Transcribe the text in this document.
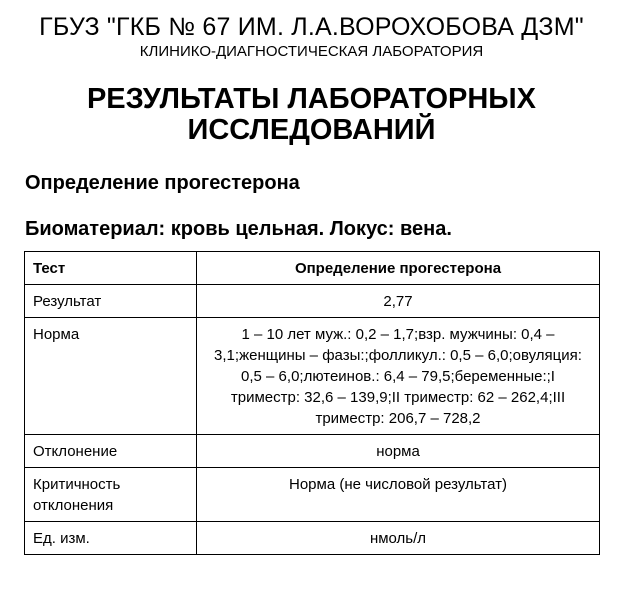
ГБУЗ "ГКБ № 67 ИМ. Л.А.ВОРОХОБОВА ДЗМ"
КЛИНИКО-ДИАГНОСТИЧЕСКАЯ ЛАБОРАТОРИЯ
РЕЗУЛЬТАТЫ ЛАБОРАТОРНЫХ ИССЛЕДОВАНИЙ
Определение прогестерона
Биоматериал: кровь цельная. Локус: вена.
Тест	Определение прогестерона
Результат	2,77
Норма	1 – 10 лет муж.: 0,2 – 1,7;взр. мужчины: 0,4 – 3,1;женщины – фазы:;фолликул.: 0,5 – 6,0;овуляция: 0,5 – 6,0;лютеинов.: 6,4 – 79,5;беременные:;I триместр: 32,6 – 139,9;II триместр: 62 – 262,4;III триместр: 206,7 – 728,2
Отклонение	норма
Критичность отклонения	Норма (не числовой результат)
Ед. изм.	нмоль/л
